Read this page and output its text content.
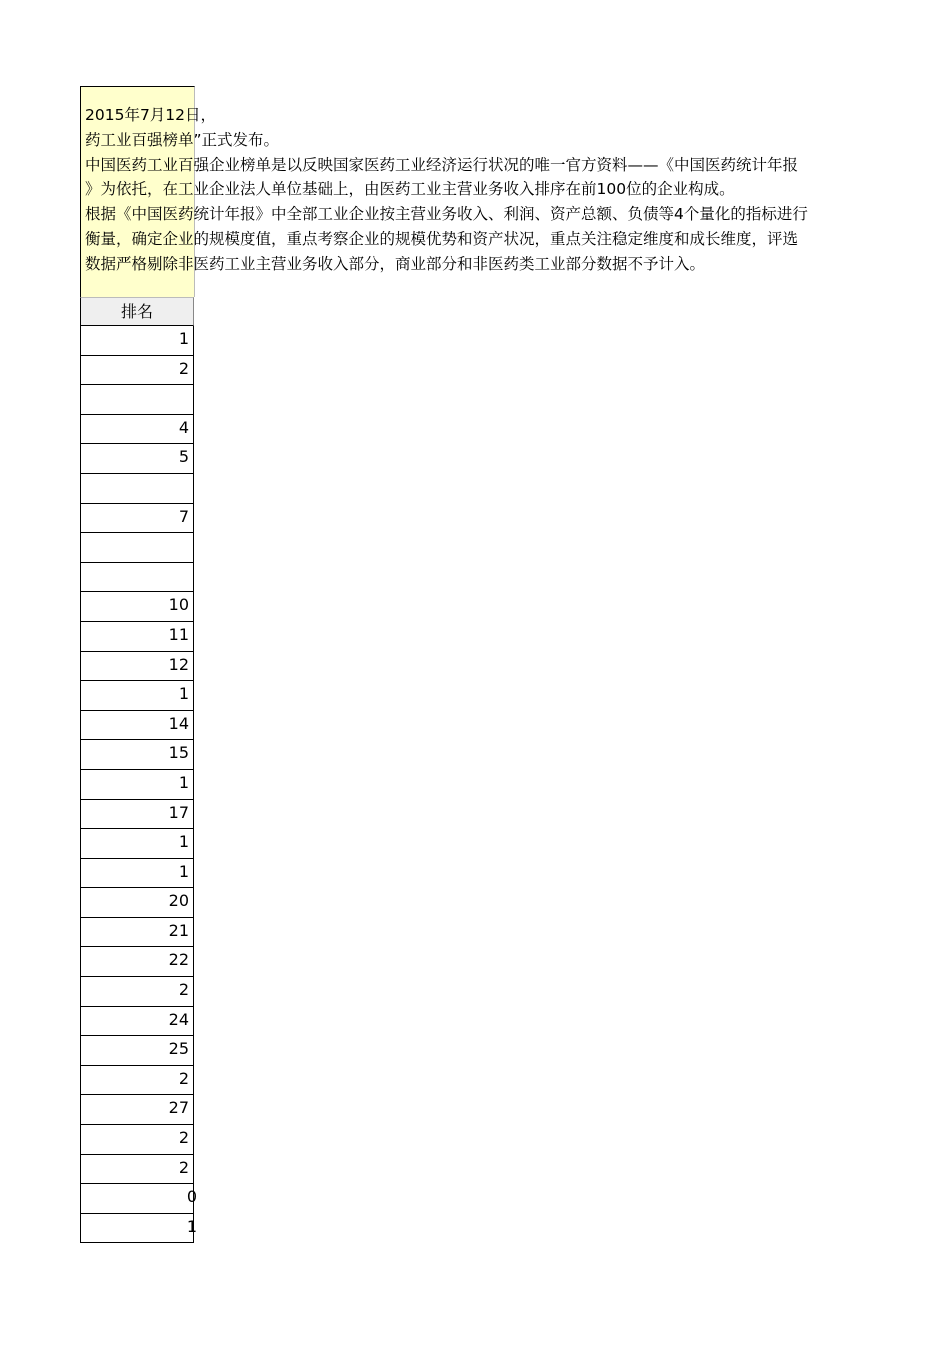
2015年7月12日，
药工业百强榜单”正式发布。
中国医药工业百强企业榜单是以反映国家医药工业经济运行状况的唯一官方资料——《中国医药统计年报
》为依托，在工业企业法人单位基础上，由医药工业主营业务收入排序在前100位的企业构成。
根据《中国医药统计年报》中全部工业企业按主营业务收入、利润、资产总额、负债等4个量化的指标进行
衡量，确定企业的规模度值，重点考察企业的规模优势和资产状况，重点关注稳定维度和成长维度，评选
数据严格剔除非医药工业主营业务收入部分，商业部分和非医药类工业部分数据不予计入。
排名
1
2
4
5
7
10
11
12
1
14
15
1
17
1
1
20
21
22
2
24
25
2
27
2
2
0
1
